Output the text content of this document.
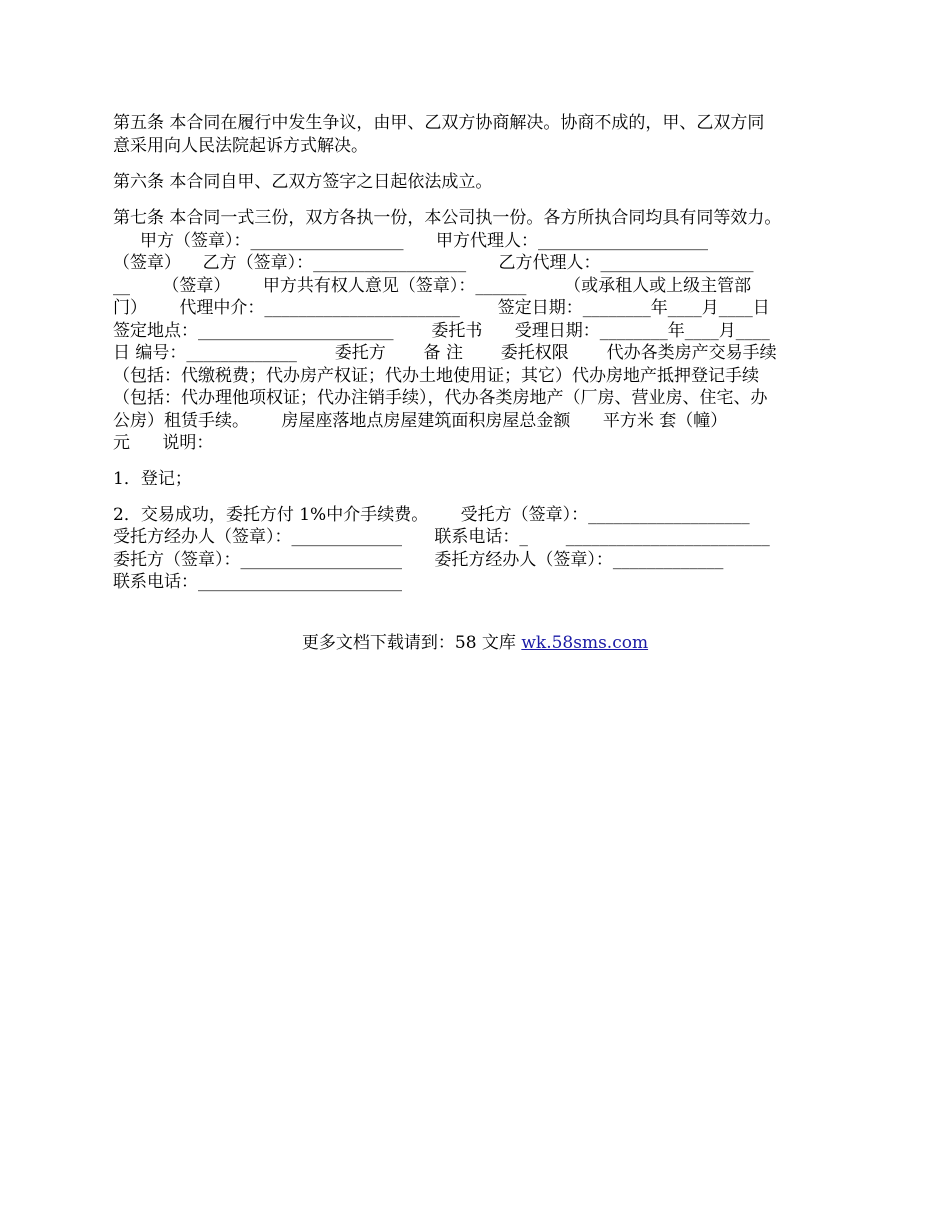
第五条 本合同在履行中发生争议，由甲、乙双方协商解决。协商不成的，甲、乙双方同
意采用向人民法院起诉方式解决。
第六条 本合同自甲、乙双方签字之日起依法成立。
第七条 本合同一式三份，双方各执一份，本公司执一份。各方所执合同均具有同等效力。
甲方（签章）：__________________      甲方代理人：____________________
（签章）    乙方（签章）：__________________      乙方代理人：__________________
__      （签章）      甲方共有权人意见（签章）：______       （或承租人或上级主管部
门）      代理中介：_______________________       签定日期：________年____月____日
签定地点：_______________________       委托书      受理日期：________年____月____
日 编号：_____________       委托方       备 注       委托权限       代办各类房产交易手续
（包括：代缴税费；代办房产权证；代办土地使用证；其它）代办房地产抵押登记手续
（包括：代办理他项权证；代办注销手续），代办各类房地产（厂房、营业房、住宅、办
公房）租赁手续。      房屋座落地点房屋建筑面积房屋总金额      平方米 套（幢）
元      说明：
1．登记；
2．交易成功，委托方付 1%中介手续费。      受托方（签章）：___________________
受托方经办人（签章）：_____________      联系电话：_       ________________________
委托方（签章）：___________________      委托方经办人（签章）：_____________
联系电话：________________________
更多文档下载请到：58 文库 wk.58sms.com
